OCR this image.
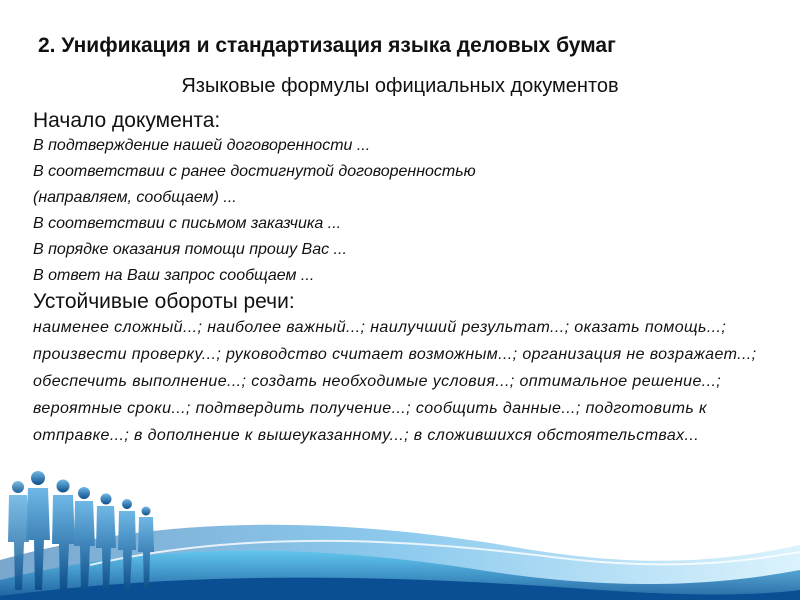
2. Унификация и стандартизация языка деловых бумаг
Языковые формулы официальных документов

Начало документа:

В подтверждение нашей договоренности ...

В соответствии с ранее достигнутой договоренностью

(направляем, сообщаем) ...

В соответствии с письмом заказчика ...

В порядке оказания помощи прошу Вас ...

В ответ на Ваш запрос сообщаем ...

Устойчивые обороты речи:

наименее сложный...; наиболее важный...; наилучший результат...; оказать помощь...; произвести проверку...; руководство считает возможным...; организация не возражает...; обеспечить выполнение...; создать необходимые условия...; оптимальное решение...; вероятные сроки...; подтвердить получение...; сообщить данные...; подготовить к отправке...; в дополнение к вышеуказанному...; в сложившихся обстоятельствах...
